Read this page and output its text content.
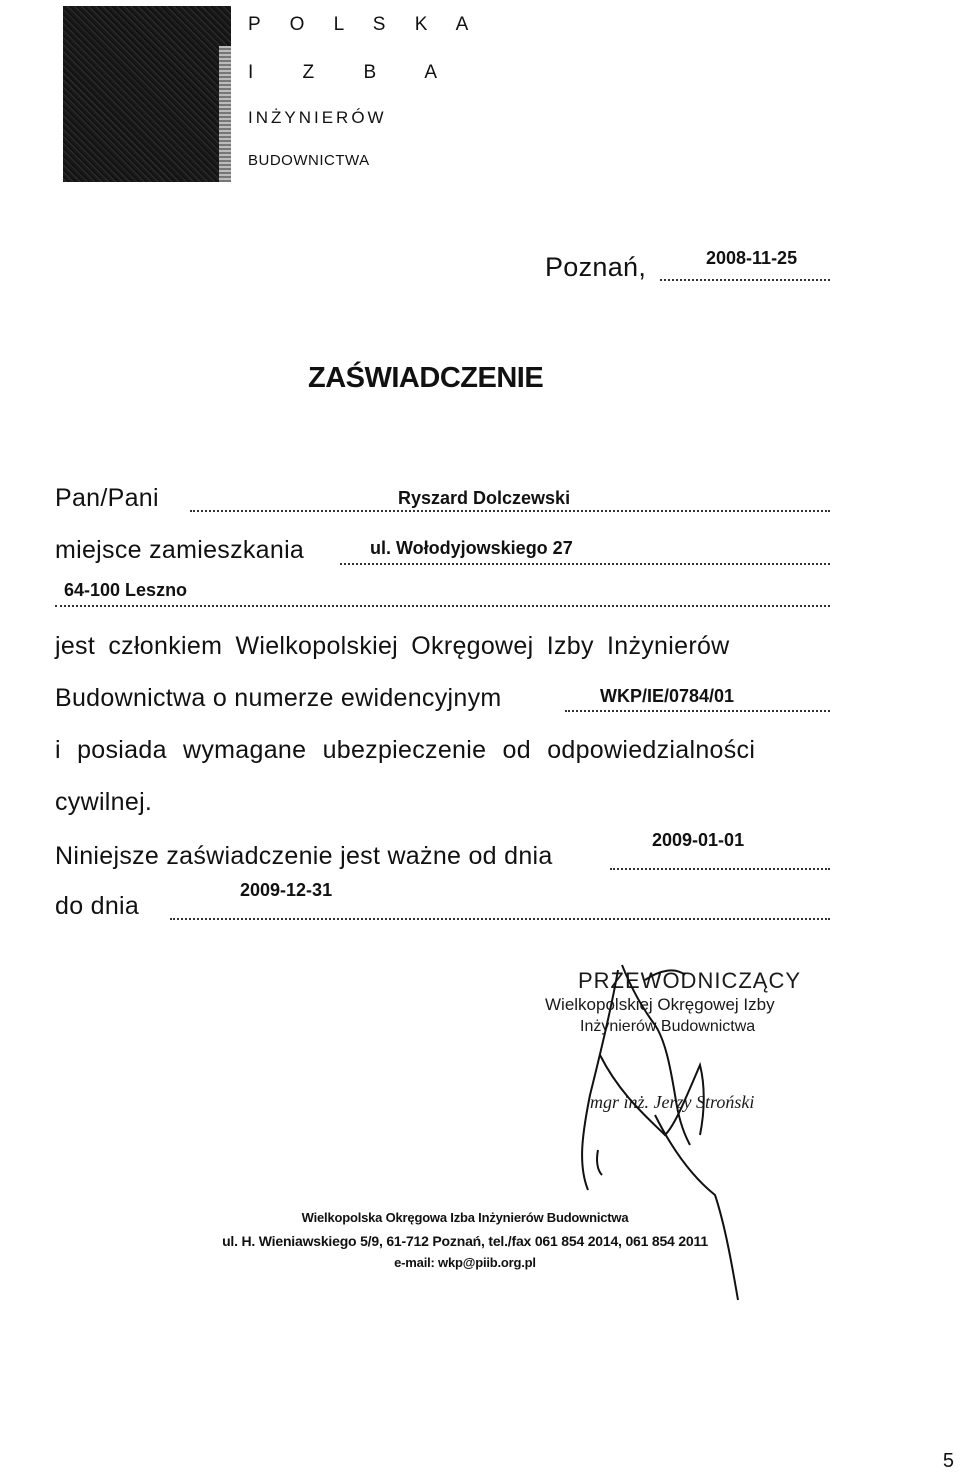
P O L S K A
I Z B A
INŻYNIERÓW
BUDOWNICTWA
Poznań,	2008-11-25
ZAŚWIADCZENIE
Pan/Pani	Ryszard Dolczewski
miejsce zamieszkania	ul. Wołodyjowskiego 27
64-100 Leszno
jest członkiem Wielkopolskiej Okręgowej Izby Inżynierów
Budownictwa o numerze ewidencyjnym	WKP/IE/0784/01
i posiada wymagane ubezpieczenie od odpowiedzialności
cywilnej.
Niniejsze zaświadczenie jest ważne od dnia
2009-01-01
do dnia
2009-12-31
PRZEWODNICZĄCY
Wielkopolskiej Okręgowej Izby
Inżynierów Budownictwa
mgr inż. Jerzy Stroński
Wielkopolska Okręgowa Izba Inżynierów Budownictwa
ul. H. Wieniawskiego 5/9, 61-712 Poznań, tel./fax 061 854 2014, 061 854 2011
e-mail: wkp@piib.org.pl
5
